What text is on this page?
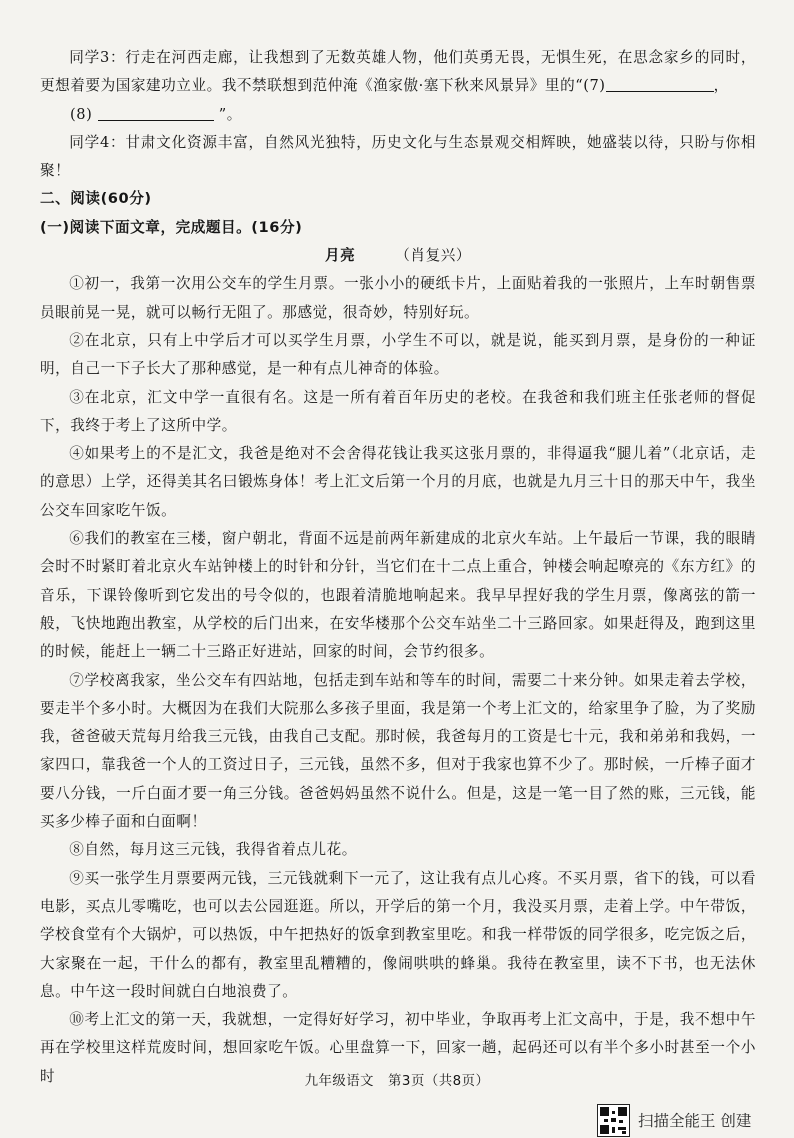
同学3：行走在河西走廊，让我想到了无数英雄人物，他们英勇无畏，无惧生死，在思念家乡的同时，更想着要为国家建功立业。我不禁联想到范仲淹《渔家傲·塞下秋来风景异》里的“(7)	，

(8)	”。

同学4：甘肃文化资源丰富，自然风光独特，历史文化与生态景观交相辉映，她盛装以待，只盼与你相聚！

二、阅读(60分)

(一)阅读下面文章，完成题目。(16分)

月亮	（肖复兴）

①初一，我第一次用公交车的学生月票。一张小小的硬纸卡片，上面贴着我的一张照片，上车时朝售票员眼前晃一晃，就可以畅行无阻了。那感觉，很奇妙，特别好玩。

②在北京，只有上中学后才可以买学生月票，小学生不可以，就是说，能买到月票，是身份的一种证明，自己一下子长大了那种感觉，是一种有点儿神奇的体验。

③在北京，汇文中学一直很有名。这是一所有着百年历史的老校。在我爸和我们班主任张老师的督促下，我终于考上了这所中学。

④如果考上的不是汇文，我爸是绝对不会舍得花钱让我买这张月票的，非得逼我“腿儿着”（北京话，走的意思）上学，还得美其名曰锻炼身体！考上汇文后第一个月的月底，也就是九月三十日的那天中午，我坐公交车回家吃午饭。

⑥我们的教室在三楼，窗户朝北，背面不远是前两年新建成的北京火车站。上午最后一节课，我的眼睛会时不时紧盯着北京火车站钟楼上的时针和分针，当它们在十二点上重合，钟楼会响起嘹亮的《东方红》的音乐，下课铃像听到它发出的号令似的，也跟着清脆地响起来。我早早捏好我的学生月票，像离弦的箭一般，飞快地跑出教室，从学校的后门出来，在安华楼那个公交车站坐二十三路回家。如果赶得及，跑到这里的时候，能赶上一辆二十三路正好进站，回家的时间，会节约很多。

⑦学校离我家，坐公交车有四站地，包括走到车站和等车的时间，需要二十来分钟。如果走着去学校，要走半个多小时。大概因为在我们大院那么多孩子里面，我是第一个考上汇文的，给家里争了脸，为了奖励我，爸爸破天荒每月给我三元钱，由我自己支配。那时候，我爸每月的工资是七十元，我和弟弟和我妈，一家四口，靠我爸一个人的工资过日子，三元钱，虽然不多，但对于我家也算不少了。那时候，一斤棒子面才要八分钱，一斤白面才要一角三分钱。爸爸妈妈虽然不说什么。但是，这是一笔一目了然的账，三元钱，能买多少棒子面和白面啊！

⑧自然，每月这三元钱，我得省着点儿花。

⑨买一张学生月票要两元钱，三元钱就剩下一元了，这让我有点儿心疼。不买月票，省下的钱，可以看电影，买点儿零嘴吃，也可以去公园逛逛。所以，开学后的第一个月，我没买月票，走着上学。中午带饭，学校食堂有个大锅炉，可以热饭，中午把热好的饭拿到教室里吃。和我一样带饭的同学很多，吃完饭之后，大家聚在一起，干什么的都有，教室里乱糟糟的，像闹哄哄的蜂巢。我待在教室里，读不下书，也无法休息。中午这一段时间就白白地浪费了。

⑩考上汇文的第一天，我就想，一定得好好学习，初中毕业，争取再考上汇文高中，于是，我不想中午再在学校里这样荒废时间，想回家吃午饭。心里盘算一下，回家一趟，起码还可以有半个多小时甚至一个小时	九年级语文 第3页（共8页）
扫描全能王 创建
